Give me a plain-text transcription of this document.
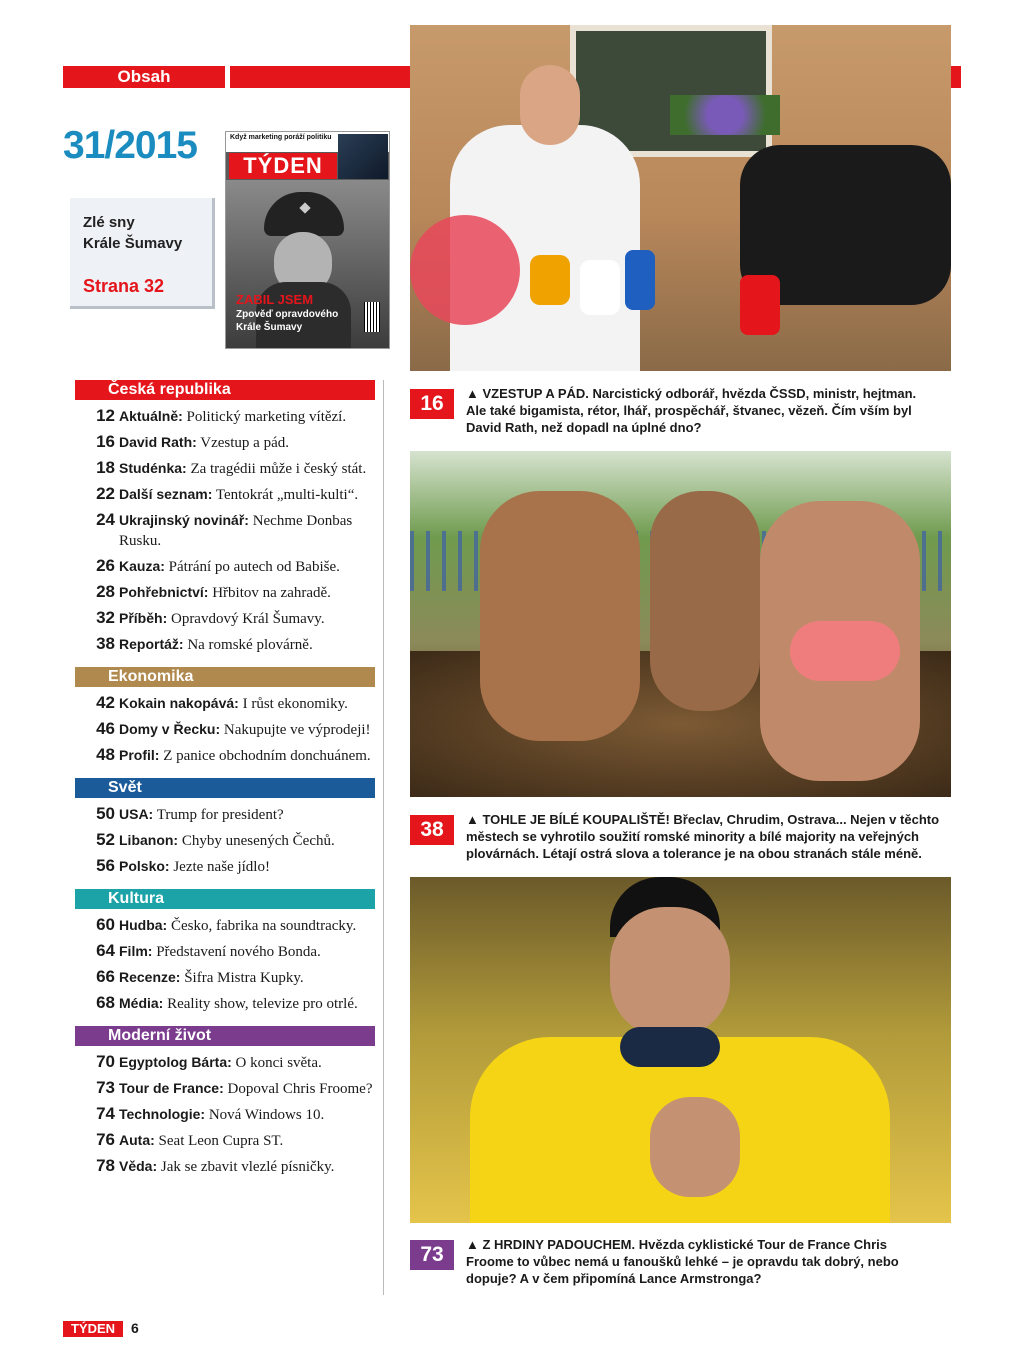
Obsah
31/2015
Zlé sny
Krále Šumavy
Strana 32
Když marketing poráží politiku
TÝDEN
ZABIL JSEM
Zpověď opravdového
Krále Šumavy
Česká republika
12 Aktuálně: Politický marketing vítězí.
16 David Rath: Vzestup a pád.
18 Studénka: Za tragédii může i český stát.
22 Další seznam: Tentokrát „multi-kulti“.
24 Ukrajinský novinář: Nechme Donbas Rusku.
26 Kauza: Pátrání po autech od Babiše.
28 Pohřebnictví: Hřbitov na zahradě.
32 Příběh: Opravdový Král Šumavy.
38 Reportáž: Na romské plovárně.
Ekonomika
42 Kokain nakopává: I růst ekonomiky.
46 Domy v Řecku: Nakupujte ve výprodeji!
48 Profil: Z panice obchodním donchuánem.
Svět
50 USA: Trump for president?
52 Libanon: Chyby unesených Čechů.
56 Polsko: Jezte naše jídlo!
Kultura
60 Hudba: Česko, fabrika na soundtracky.
64 Film: Představení nového Bonda.
66 Recenze: Šifra Mistra Kupky.
68 Média: Reality show, televize pro otrlé.
Moderní život
70 Egyptolog Bárta: O konci světa.
73 Tour de France: Dopoval Chris Froome?
74 Technologie: Nová Windows 10.
76 Auta: Seat Leon Cupra ST.
78 Věda: Jak se zbavit vlezlé písničky.
16	▲ VZESTUP A PÁD. Narcistický odborář, hvězda ČSSD, ministr, hejtman. Ale také bigamista, rétor, lhář, prospěchář, štvanec, vězeň. Čím vším byl David Rath, než dopadl na úplné dno?
38	▲ TOHLE JE BÍLÉ KOUPALIŠTĚ! Břeclav, Chrudim, Ostrava... Nejen v těchto městech se vyhrotilo soužití romské minority a bílé majority na veřejných plovárnách. Létají ostrá slova a tolerance je na obou stranách stále méně.
73	▲ Z HRDINY PADOUCHEM. Hvězda cyklistické Tour de France Chris Froome to vůbec nemá u fanoušků lehké – je opravdu tak dobrý, nebo dopuje? A v čem připomíná Lance Armstronga?
TÝDEN	6
